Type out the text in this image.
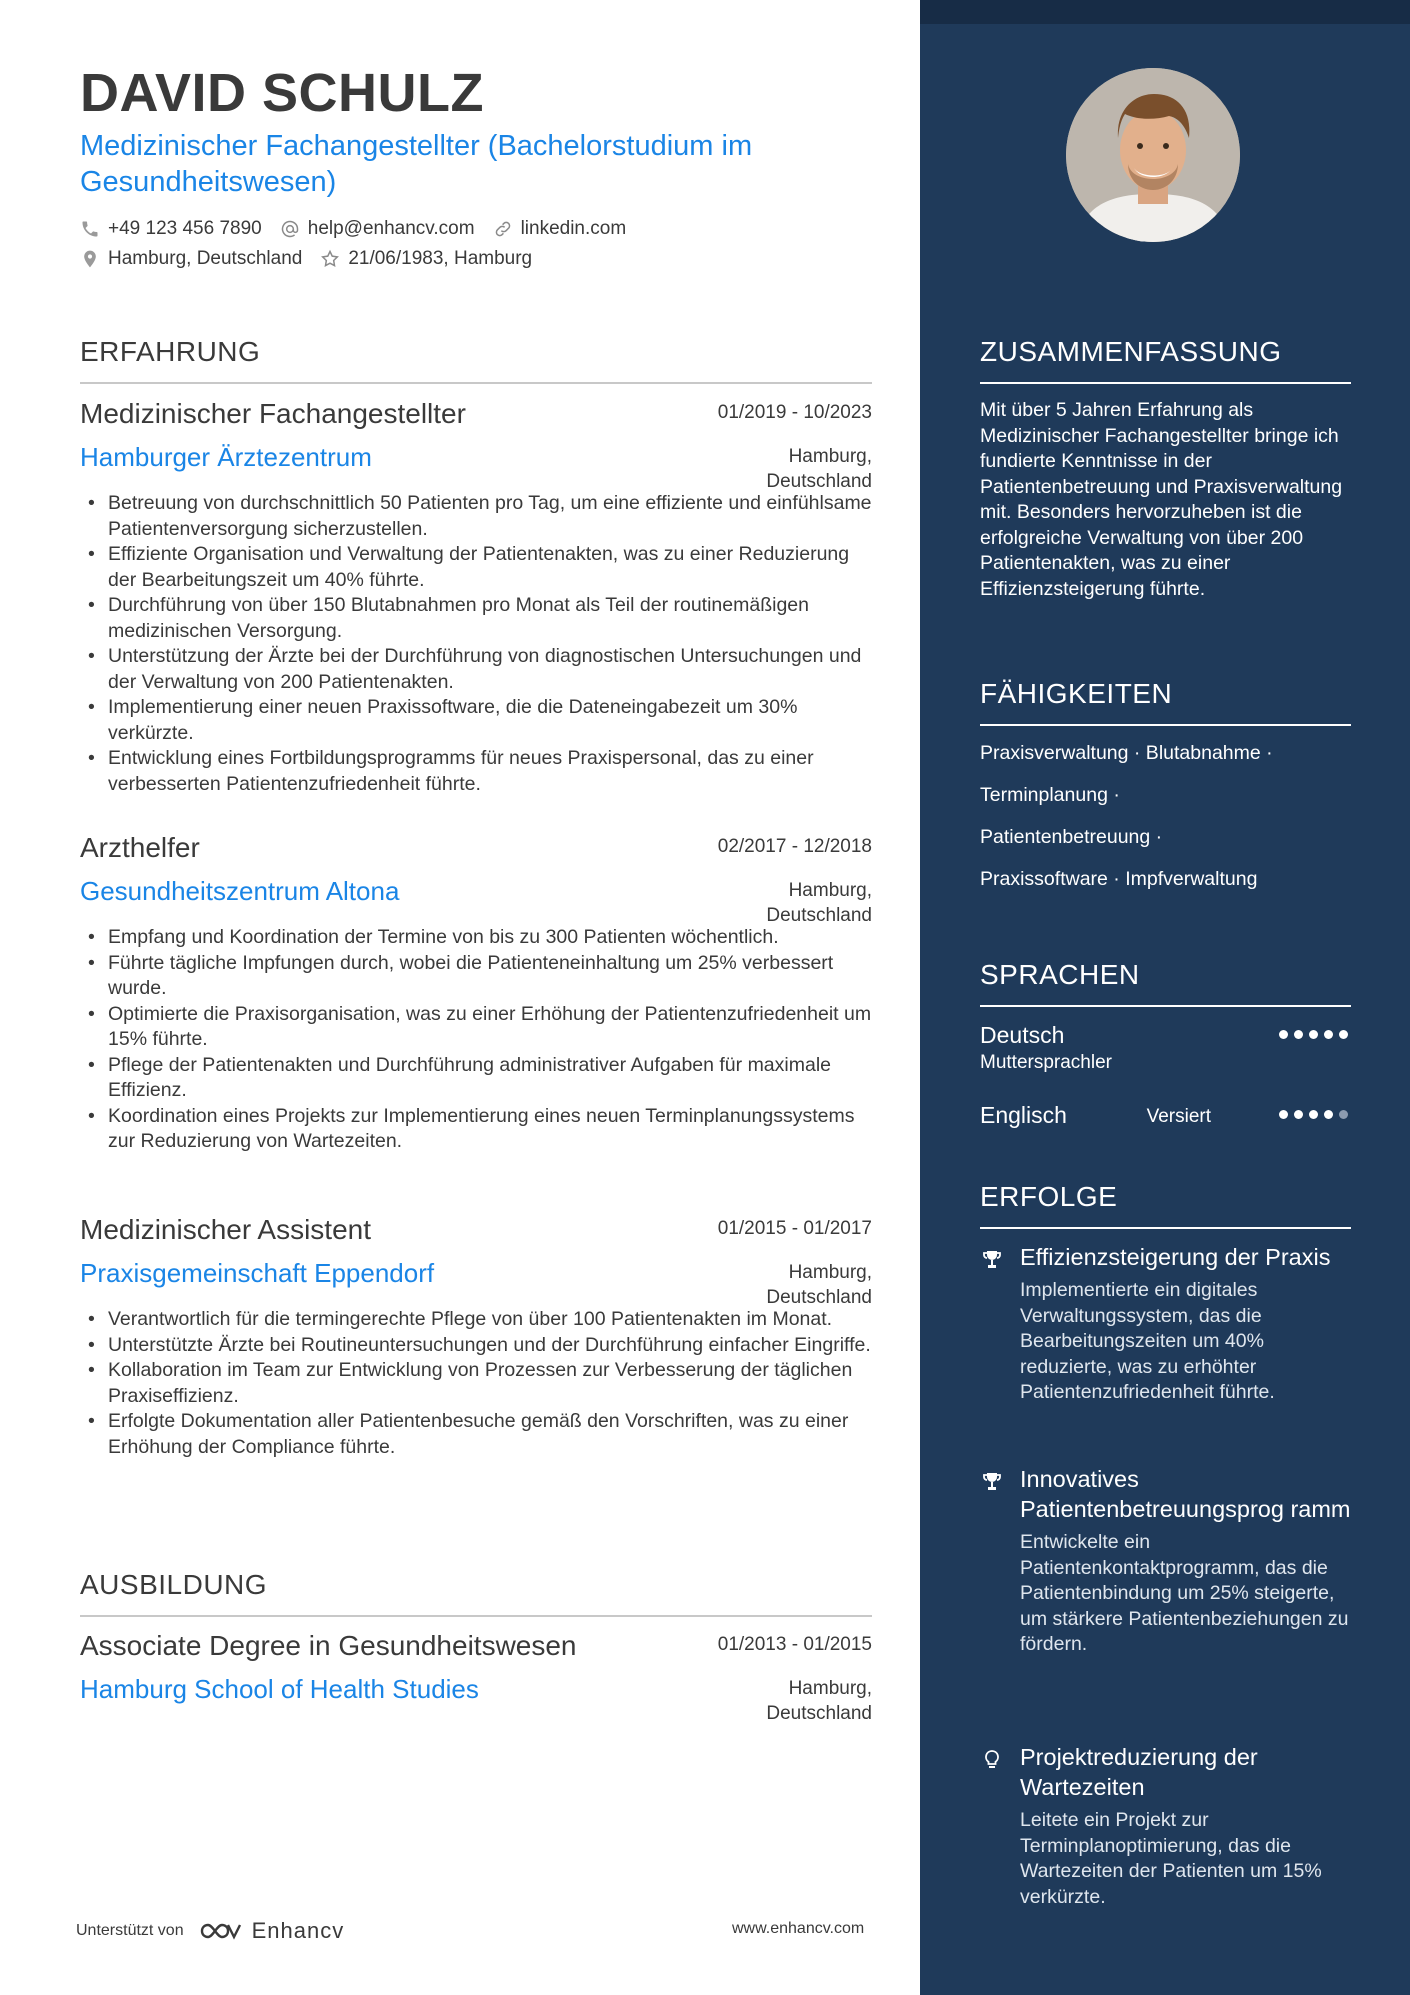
DAVID SCHULZ
Medizinischer Fachangestellter (Bachelorstudium im Gesundheitswesen)
+49 123 456 7890 help@enhancv.com linkedin.com
Hamburg, Deutschland 21/06/1983, Hamburg
ERFAHRUNG
Medizinischer Fachangestellter	01/2019 - 10/2023
Hamburger Ärztezentrum	Hamburg,
Deutschland
• Betreuung von durchschnittlich 50 Patienten pro Tag, um eine effiziente und einfühlsame Patientenversorgung sicherzustellen.
• Effiziente Organisation und Verwaltung der Patientenakten, was zu einer Reduzierung der Bearbeitungszeit um 40% führte.
• Durchführung von über 150 Blutabnahmen pro Monat als Teil der routinemäßigen medizinischen Versorgung.
• Unterstützung der Ärzte bei der Durchführung von diagnostischen Untersuchungen und der Verwaltung von 200 Patientenakten.
• Implementierung einer neuen Praxissoftware, die die Dateneingabezeit um 30% verkürzte.
• Entwicklung eines Fortbildungsprogramms für neues Praxispersonal, das zu einer verbesserten Patientenzufriedenheit führte.
Arzthelfer	02/2017 - 12/2018
Gesundheitszentrum Altona	Hamburg,
Deutschland
• Empfang und Koordination der Termine von bis zu 300 Patienten wöchentlich.
• Führte tägliche Impfungen durch, wobei die Patienteneinhaltung um 25% verbessert wurde.
• Optimierte die Praxisorganisation, was zu einer Erhöhung der Patientenzufriedenheit um 15% führte.
• Pflege der Patientenakten und Durchführung administrativer Aufgaben für maximale Effizienz.
• Koordination eines Projekts zur Implementierung eines neuen Terminplanungssystems zur Reduzierung von Wartezeiten.
Medizinischer Assistent	01/2015 - 01/2017
Praxisgemeinschaft Eppendorf	Hamburg,
Deutschland
• Verantwortlich für die termingerechte Pflege von über 100 Patientenakten im Monat.
• Unterstützte Ärzte bei Routineuntersuchungen und der Durchführung einfacher Eingriffe.
• Kollaboration im Team zur Entwicklung von Prozessen zur Verbesserung der täglichen Praxiseffizienz.
• Erfolgte Dokumentation aller Patientenbesuche gemäß den Vorschriften, was zu einer Erhöhung der Compliance führte.
AUSBILDUNG
Associate Degree in Gesundheitswesen	01/2013 - 01/2015
Hamburg School of Health Studies	Hamburg,
Deutschland
Unterstützt von	Enhancv	www.enhancv.com
ZUSAMMENFASSUNG
Mit über 5 Jahren Erfahrung als Medizinischer Fachangestellter bringe ich fundierte Kenntnisse in der Patientenbetreuung und Praxisverwaltung mit. Besonders hervorzuheben ist die erfolgreiche Verwaltung von über 200 Patientenakten, was zu einer Effizienzsteigerung führte.
FÄHIGKEITEN
Praxisverwaltung · Blutabnahme ·
Terminplanung ·
Patientenbetreuung ·
Praxissoftware · Impfverwaltung
SPRACHEN
Deutsch
Muttersprachler
Englisch	Versiert
ERFOLGE
Effizienzsteigerung der Praxis
Implementierte ein digitales Verwaltungssystem, das die Bearbeitungszeiten um 40% reduzierte, was zu erhöhter Patientenzufriedenheit führte.
Innovatives Patientenbetreuungsprog ramm
Entwickelte ein Patientenkontaktprogramm, das die Patientenbindung um 25% steigerte, um stärkere Patientenbeziehungen zu fördern.
Projektreduzierung der Wartezeiten
Leitete ein Projekt zur Terminplanoptimierung, das die Wartezeiten der Patienten um 15% verkürzte.
